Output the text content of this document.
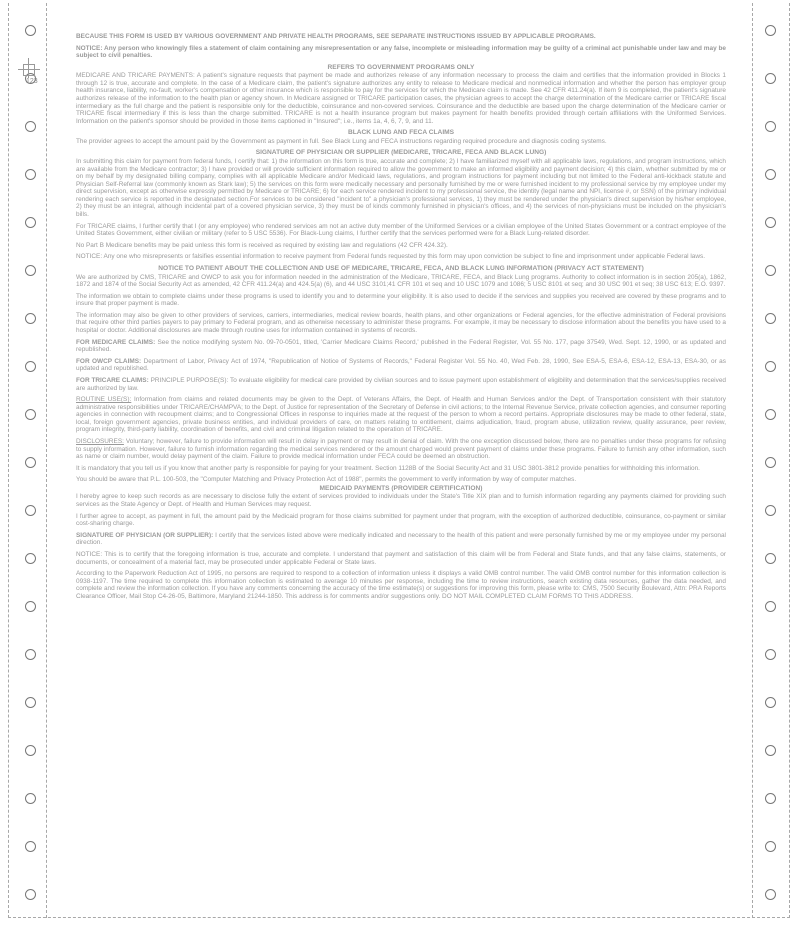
123

BECAUSE THIS FORM IS USED BY VARIOUS GOVERNMENT AND PRIVATE HEALTH PROGRAMS, SEE SEPARATE INSTRUCTIONS ISSUED BY APPLICABLE PROGRAMS.

NOTICE: Any person who knowingly files a statement of claim containing any misrepresentation or any false, incomplete or misleading information may be guilty of a criminal act punishable under law and may be subject to civil penalties.

REFERS TO GOVERNMENT PROGRAMS ONLY

MEDICARE AND TRICARE PAYMENTS: A patient's signature requests that payment be made and authorizes release of any information necessary to process the claim and certifies that the information provided in Blocks 1 through 12 is true, accurate and complete. In the case of a Medicare claim, the patient's signature authorizes any entity to release to Medicare medical and nonmedical information and whether the person has employer group health insurance, liability, no-fault, worker's compensation or other insurance which is responsible to pay for the services for which the Medicare claim is made. See 42 CFR 411.24(a). If item 9 is completed, the patient's signature authorizes release of the information to the health plan or agency shown. In Medicare assigned or TRICARE participation cases, the physician agrees to accept the charge determination of the Medicare carrier or TRICARE fiscal intermediary as the full charge and the patient is responsible only for the deductible, coinsurance and non-covered services. Coinsurance and the deductible are based upon the charge determination of the Medicare carrier or TRICARE fiscal intermediary if this is less than the charge submitted. TRICARE is not a health insurance program but makes payment for health benefits provided through certain affiliations with the Uniformed Services. Information on the patient's sponsor should be provided in those items captioned in "Insured"; i.e., items 1a, 4, 6, 7, 9, and 11.

BLACK LUNG AND FECA CLAIMS

The provider agrees to accept the amount paid by the Government as payment in full. See Black Lung and FECA instructions regarding required procedure and diagnosis coding systems.

SIGNATURE OF PHYSICIAN OR SUPPLIER (MEDICARE, TRICARE, FECA AND BLACK LUNG)

In submitting this claim for payment from federal funds, I certify that: 1) the information on this form is true, accurate and complete; 2) I have familiarized myself with all applicable laws, regulations, and program instructions, which are available from the Medicare contractor; 3) I have provided or will provide sufficient information required to allow the government to make an informed eligibility and payment decision; 4) this claim, whether submitted by me or on my behalf by my designated billing company, complies with all applicable Medicare and/or Medicaid laws, regulations, and program instructions for payment including but not limited to the Federal anti-kickback statute and Physician Self-Referral law (commonly known as Stark law); 5) the services on this form were medically necessary and personally furnished by me or were furnished incident to my professional service by my employee under my direct supervision, except as otherwise expressly permitted by Medicare or TRICARE; 6) for each service rendered incident to my professional service, the identity (legal name and NPI, license #, or SSN) of the primary individual rendering each service is reported in the designated section.For services to be considered "incident to" a physician's professional services, 1) they must be rendered under the physician's direct supervision by his/her employee, 2) they must be an integral, although incidental part of a covered physician service, 3) they must be of kinds commonly furnished in physician's offices, and 4) the services of non-physicians must be included on the physician's bills.

For TRICARE claims, I further certify that I (or any employee) who rendered services am not an active duty member of the Uniformed Services or a civilian employee of the United States Government or a contract employee of the United States Government, either civilian or military (refer to 5 USC 5536). For Black-Lung claims, I further certify that the services performed were for a Black Lung-related disorder.

No Part B Medicare benefits may be paid unless this form is received as required by existing law and regulations (42 CFR 424.32).

NOTICE: Any one who misrepresents or falsifies essential information to receive payment from Federal funds requested by this form may upon conviction be subject to fine and imprisonment under applicable Federal laws.

NOTICE TO PATIENT ABOUT THE COLLECTION AND USE OF MEDICARE, TRICARE, FECA, AND BLACK LUNG INFORMATION (PRIVACY ACT STATEMENT)

We are authorized by CMS, TRICARE and OWCP to ask you for information needed in the administration of the Medicare, TRICARE, FECA, and Black Lung programs. Authority to collect information is in section 205(a), 1862, 1872 and 1874 of the Social Security Act as amended, 42 CFR 411.24(a) and 424.5(a) (6), and 44 USC 3101;41 CFR 101 et seq and 10 USC 1079 and 1086; 5 USC 8101 et seq; and 30 USC 901 et seq; 38 USC 613; E.O. 9397.

The information we obtain to complete claims under these programs is used to identify you and to determine your eligibility. It is also used to decide if the services and supplies you received are covered by these programs and to insure that proper payment is made.

The information may also be given to other providers of services, carriers, intermediaries, medical review boards, health plans, and other organizations or Federal agencies, for the effective administration of Federal provisions that require other third parties payers to pay primary to Federal program, and as otherwise necessary to administer these programs. For example, it may be necessary to disclose information about the benefits you have used to a hospital or doctor. Additional disclosures are made through routine uses for information contained in systems of records.

FOR MEDICARE CLAIMS: See the notice modifying system No. 09-70-0501, titled, 'Carrier Medicare Claims Record,' published in the Federal Register, Vol. 55 No. 177, page 37549, Wed. Sept. 12, 1990, or as updated and republished.

FOR OWCP CLAIMS: Department of Labor, Privacy Act of 1974, "Republication of Notice of Systems of Records," Federal Register Vol. 55 No. 40, Wed Feb. 28, 1990, See ESA-5, ESA-6, ESA-12, ESA-13, ESA-30, or as updated and republished.

FOR TRICARE CLAIMS: PRINCIPLE PURPOSE(S): To evaluate eligibility for medical care provided by civilian sources and to issue payment upon establishment of eligibility and determination that the services/supplies received are authorized by law.

ROUTINE USE(S): Information from claims and related documents may be given to the Dept. of Veterans Affairs, the Dept. of Health and Human Services and/or the Dept. of Transportation consistent with their statutory administrative responsibilities under TRICARE/CHAMPVA; to the Dept. of Justice for representation of the Secretary of Defense in civil actions; to the Internal Revenue Service, private collection agencies, and consumer reporting agencies in connection with recoupment claims; and to Congressional Offices in response to inquiries made at the request of the person to whom a record pertains. Appropriate disclosures may be made to other federal, state, local, foreign government agencies, private business entities, and individual providers of care, on matters relating to entitlement, claims adjudication, fraud, program abuse, utilization review, quality assurance, peer review, program integrity, third-party liability, coordination of benefits, and civil and criminal litigation related to the operation of TRICARE.

DISCLOSURES: Voluntary; however, failure to provide information will result in delay in payment or may result in denial of claim. With the one exception discussed below, there are no penalties under these programs for refusing to supply information. However, failure to furnish information regarding the medical services rendered or the amount charged would prevent payment of claims under these programs. Failure to furnish any other information, such as name or claim number, would delay payment of the claim. Failure to provide medical information under FECA could be deemed an obstruction.

It is mandatory that you tell us if you know that another party is responsible for paying for your treatment. Section 1128B of the Social Security Act and 31 USC 3801-3812 provide penalties for withholding this information.

You should be aware that P.L. 100-503, the "Computer Matching and Privacy Protection Act of 1988", permits the government to verify information by way of computer matches.

MEDICAID PAYMENTS (PROVIDER CERTIFICATION)

I hereby agree to keep such records as are necessary to disclose fully the extent of services provided to individuals under the State's Title XIX plan and to furnish information regarding any payments claimed for providing such services as the State Agency or Dept. of Health and Human Services may request.

I further agree to accept, as payment in full, the amount paid by the Medicaid program for those claims submitted for payment under that program, with the exception of authorized deductible, coinsurance, co-payment or similar cost-sharing charge.

SIGNATURE OF PHYSICIAN (OR SUPPLIER): I certify that the services listed above were medically indicated and necessary to the health of this patient and were personally furnished by me or my employee under my personal direction.

NOTICE: This is to certify that the foregoing information is true, accurate and complete. I understand that payment and satisfaction of this claim will be from Federal and State funds, and that any false claims, statements, or documents, or concealment of a material fact, may be prosecuted under applicable Federal or State laws.

According to the Paperwork Reduction Act of 1995, no persons are required to respond to a collection of information unless it displays a valid OMB control number. The valid OMB control number for this information collection is 0938-1197. The time required to complete this information collection is estimated to average 10 minutes per response, including the time to review instructions, search existing data resources, gather the data needed, and complete and review the information collection. If you have any comments concerning the accuracy of the time estimate(s) or suggestions for improving this form, please write to: CMS, 7500 Security Boulevard, Attn: PRA Reports Clearance Officer, Mail Stop C4-26-05, Baltimore, Maryland 21244-1850. This address is for comments and/or suggestions only. DO NOT MAIL COMPLETED CLAIM FORMS TO THIS ADDRESS.
